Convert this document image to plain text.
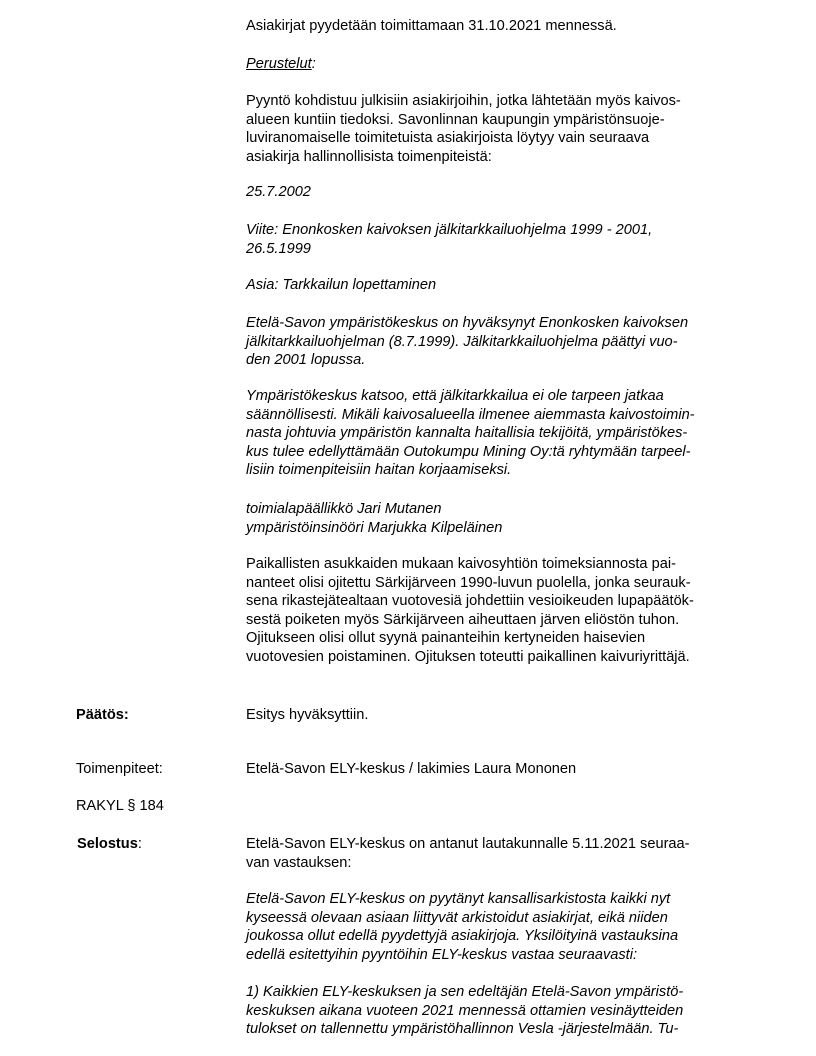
Asiakirjat pyydetään toimittamaan 31.10.2021 mennessä.

Perustelut:

Pyyntö kohdistuu julkisiin asiakirjoihin, jotka lähtetään myös kaivos-
alueen kuntiin tiedoksi. Savonlinnan kaupungin ympäristönsuoje-
luviranomaiselle toimitetuista asiakirjoista löytyy vain seuraava
asiakirja hallinnollisista toimenpiteistä:

25.7.2002

Viite: Enonkosken kaivoksen jälkitarkkailuohjelma 1999 - 2001,
26.5.1999

Asia: Tarkkailun lopettaminen

Etelä-Savon ympäristökeskus on hyväksynyt Enonkosken kaivoksen
jälkitarkkailuohjelman (8.7.1999). Jälkitarkkailuohjelma päättyi vuo-
den 2001 lopussa.

Ympäristökeskus katsoo, että jälkitarkkailua ei ole tarpeen jatkaa
säännöllisesti. Mikäli kaivosalueella ilmenee aiemmasta kaivostoimin-
nasta johtuvia ympäristön kannalta haitallisia tekijöitä, ympäristökes-
kus tulee edellyttämään Outokumpu Mining Oy:tä ryhtymään tarpeel-
lisiin toimenpiteisiin haitan korjaamiseksi.

toimialapäällikkö Jari Mutanen
ympäristöinsinööri Marjukka Kilpeläinen

Paikallisten asukkaiden mukaan kaivosyhtiön toimeksiannosta pai-
nanteet olisi ojitettu Särkijärveen 1990-luvun puolella, jonka seurauk-
sena rikastejätealtaan vuotovesiä johdettiin vesioikeuden lupapäätök-
sestä poiketen myös Särkijärveen aiheuttaen järven eliöstön tuhon.
Ojitukseen olisi ollut syynä painanteihin kertyneiden haisevien
vuotovesien poistaminen. Ojituksen toteutti paikallinen kaivuriyrittäjä.

Päätös:	Esitys hyväksyttiin.

Toimenpiteet:	Etelä-Savon ELY-keskus / lakimies Laura Mononen

RAKYL § 184

Selostus:	Etelä-Savon ELY-keskus on antanut lautakunnalle 5.11.2021 seuraa-
van vastauksen:

Etelä-Savon ELY-keskus on pyytänyt kansallisarkistosta kaikki nyt
kyseessä olevaan asiaan liittyvät arkistoidut asiakirjat, eikä niiden
joukossa ollut edellä pyydettyjä asiakirjoja. Yksilöityinä vastauksina
edellä esitettyihin pyyntöihin ELY-keskus vastaa seuraavasti:

1) Kaikkien ELY-keskuksen ja sen edeltäjän Etelä-Savon ympäristö-
keskuksen aikana vuoteen 2021 mennessä ottamien vesinäytteiden
tulokset on tallennettu ympäristöhallinnon Vesla -järjestelmään. Tu-
